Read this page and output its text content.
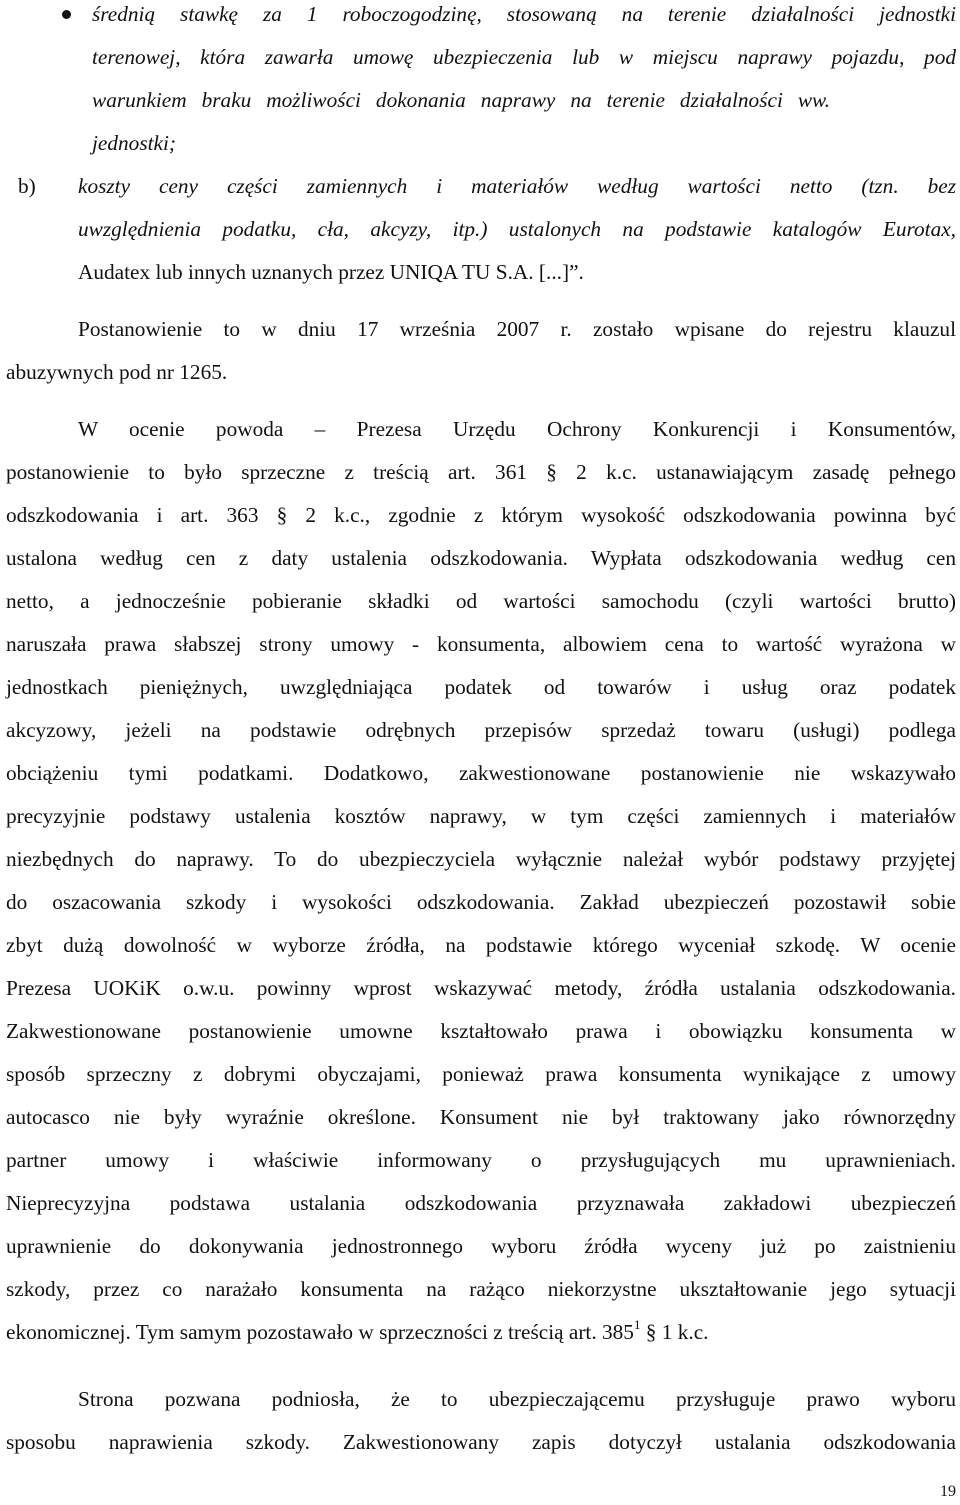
średnią stawkę za 1 roboczogodzinę, stosowaną na terenie działalności jednostki
terenowej, która zawarła umowę ubezpieczenia lub w miejscu naprawy pojazdu, pod
warunkiem braku możliwości dokonania naprawy na terenie działalności ww.
jednostki;
b)	koszty ceny części zamiennych i materiałów według wartości netto (tzn. bez
uwzględnienia podatku, cła, akcyzy, itp.) ustalonych na podstawie katalogów Eurotax,
Audatex lub innych uznanych przez UNIQA TU S.A. [...]”.
Postanowienie to w dniu 17 września 2007 r. zostało wpisane do rejestru klauzul
abuzywnych pod nr 1265.
W ocenie powoda – Prezesa Urzędu Ochrony Konkurencji i Konsumentów,
postanowienie to było sprzeczne z treścią art. 361 § 2 k.c. ustanawiającym zasadę pełnego
odszkodowania i art. 363 § 2 k.c., zgodnie z którym wysokość odszkodowania powinna być
ustalona według cen z daty ustalenia odszkodowania. Wypłata odszkodowania według cen
netto, a jednocześnie pobieranie składki od wartości samochodu (czyli wartości brutto)
naruszała prawa słabszej strony umowy - konsumenta, albowiem cena to wartość wyrażona w
jednostkach pieniężnych, uwzględniająca podatek od towarów i usług oraz podatek
akcyzowy, jeżeli na podstawie odrębnych przepisów sprzedaż towaru (usługi) podlega
obciążeniu tymi podatkami. Dodatkowo, zakwestionowane postanowienie nie wskazywało
precyzyjnie podstawy ustalenia kosztów naprawy, w tym części zamiennych i materiałów
niezbędnych do naprawy. To do ubezpieczyciela wyłącznie należał wybór podstawy przyjętej
do oszacowania szkody i wysokości odszkodowania. Zakład ubezpieczeń pozostawił sobie
zbyt dużą dowolność w wyborze źródła, na podstawie którego wyceniał szkodę. W ocenie
Prezesa UOKiK o.w.u. powinny wprost wskazywać metody, źródła ustalania odszkodowania.
Zakwestionowane postanowienie umowne kształtowało prawa i obowiązku konsumenta w
sposób sprzeczny z dobrymi obyczajami, ponieważ prawa konsumenta wynikające z umowy
autocasco nie były wyraźnie określone. Konsument nie był traktowany jako równorzędny
partner umowy i właściwie informowany o przysługujących mu uprawnieniach.
Nieprecyzyjna podstawa ustalania odszkodowania przyznawała zakładowi ubezpieczeń
uprawnienie do dokonywania jednostronnego wyboru źródła wyceny już po zaistnieniu
szkody, przez co narażało konsumenta na rażąco niekorzystne ukształtowanie jego sytuacji
ekonomicznej. Tym samym pozostawało w sprzeczności z treścią art. $385^1$ § 1 k.c.
Strona pozwana podniosła, że to ubezpieczającemu przysługuje prawo wyboru
sposobu naprawienia szkody. Zakwestionowany zapis dotyczył ustalania odszkodowania
19
